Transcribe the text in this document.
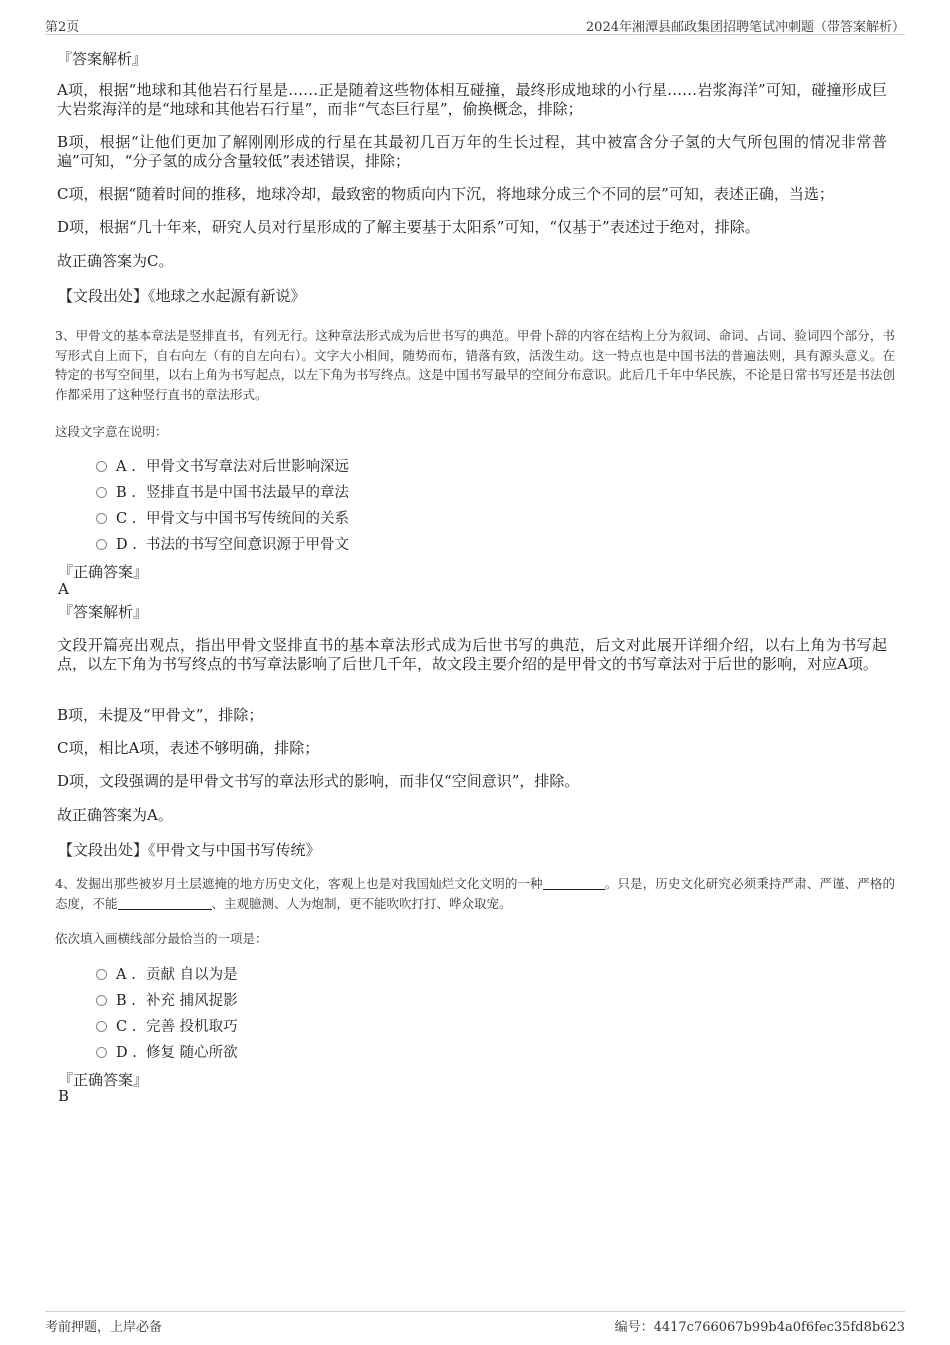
第2页	2024年湘潭县邮政集团招聘笔试冲刺题（带答案解析）
『答案解析』
A项，根据“地球和其他岩石行星是……正是随着这些物体相互碰撞，最终形成地球的小行星……岩浆海洋”可知，碰撞形成巨大岩浆海洋的是“地球和其他岩石行星”，而非“气态巨行星”，偷换概念，排除；
B项，根据“让他们更加了解刚刚形成的行星在其最初几百万年的生长过程，其中被富含分子氢的大气所包围的情况非常普遍”可知，“分子氢的成分含量较低”表述错误，排除；
C项，根据“随着时间的推移，地球冷却，最致密的物质向内下沉，将地球分成三个不同的层”可知，表述正确，当选；
D项，根据“几十年来，研究人员对行星形成的了解主要基于太阳系”可知，“仅基于”表述过于绝对，排除。
故正确答案为C。
【文段出处】《地球之水起源有新说》
3、甲骨文的基本章法是竖排直书，有列无行。这种章法形式成为后世书写的典范。甲骨卜辞的内容在结构上分为叙词、命词、占词、验词四个部分，书写形式自上而下，自右向左（有的自左向右）。文字大小相间，随势而布，错落有致，活泼生动。这一特点也是中国书法的普遍法则，具有源头意义。在特定的书写空间里，以右上角为书写起点，以左下角为书写终点。这是中国书写最早的空间分布意识。此后几千年中华民族，不论是日常书写还是书法创作都采用了这种竖行直书的章法形式。
这段文字意在说明：
A . 甲骨文书写章法对后世影响深远
B . 竖排直书是中国书法最早的章法
C . 甲骨文与中国书写传统间的关系
D . 书法的书写空间意识源于甲骨文
『正确答案』
A
『答案解析』
文段开篇亮出观点，指出甲骨文竖排直书的基本章法形式成为后世书写的典范，后文对此展开详细介绍，以右上角为书写起点，以左下角为书写终点的书写章法影响了后世几千年，故文段主要介绍的是甲骨文的书写章法对于后世的影响，对应A项。
B项，未提及“甲骨文”，排除；
C项，相比A项，表述不够明确，排除；
D项，文段强调的是甲骨文书写的章法形式的影响，而非仅“空间意识”，排除。
故正确答案为A。
【文段出处】《甲骨文与中国书写传统》
4、发掘出那些被岁月土层遮掩的地方历史文化，客观上也是对我国灿烂文化文明的一种	。只是，历史文化研究必须秉持严肃、严谨、严格的态度，不能	、主观臆测、人为炮制，更不能吹吹打打、哗众取宠。
依次填入画横线部分最恰当的一项是：
A . 贡献 自以为是
B . 补充 捕风捉影
C . 完善 投机取巧
D . 修复 随心所欲
『正确答案』
B
考前押题，上岸必备	编号：4417c766067b99b4a0f6fec35fd8b623
